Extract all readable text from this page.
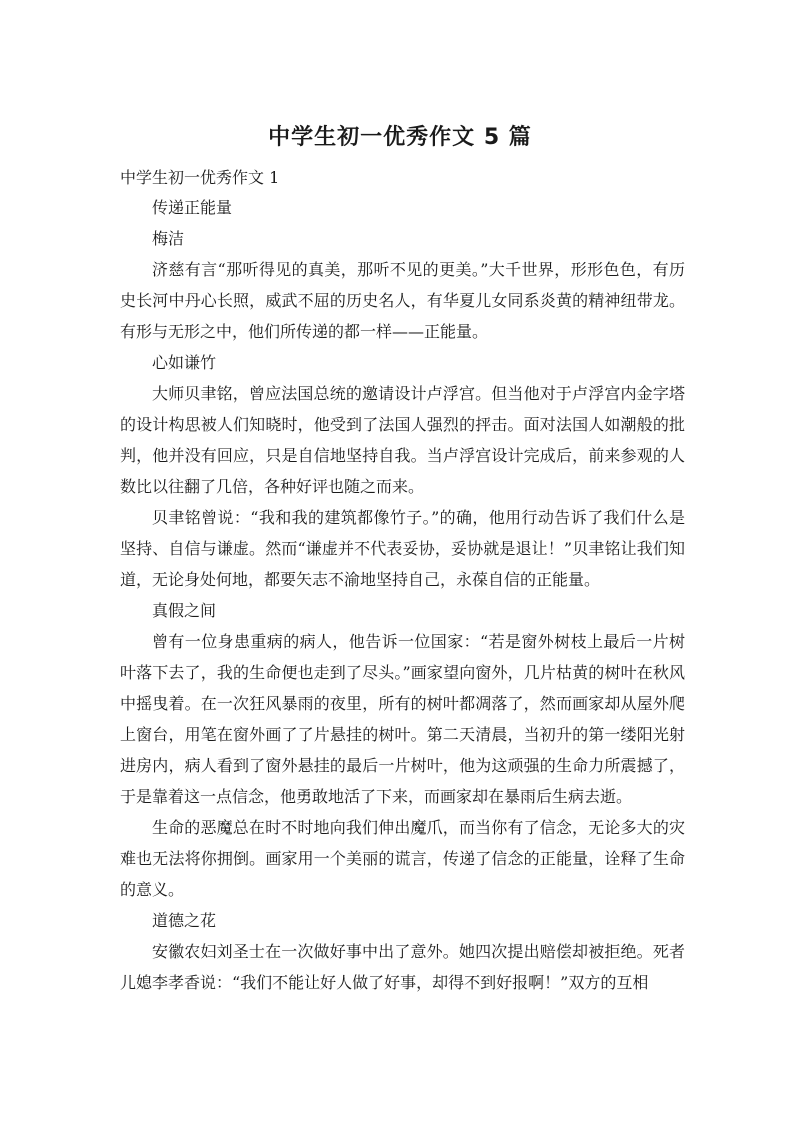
中学生初一优秀作文 5 篇

中学生初一优秀作文 1

传递正能量

梅洁

济慈有言“那听得见的真美，那听不见的更美。”大千世界，形形色色，有历史长河中丹心长照，威武不屈的历史名人，有华夏儿女同系炎黄的精神纽带龙。有形与无形之中，他们所传递的都一样——正能量。

心如谦竹

大师贝聿铭，曾应法国总统的邀请设计卢浮宫。但当他对于卢浮宫内金字塔的设计构思被人们知晓时，他受到了法国人强烈的抨击。面对法国人如潮般的批判，他并没有回应，只是自信地坚持自我。当卢浮宫设计完成后，前来参观的人数比以往翻了几倍，各种好评也随之而来。

贝聿铭曾说：“我和我的建筑都像竹子。”的确，他用行动告诉了我们什么是坚持、自信与谦虚。然而“谦虚并不代表妥协，妥协就是退让！”贝聿铭让我们知道，无论身处何地，都要矢志不渝地坚持自己，永葆自信的正能量。

真假之间

曾有一位身患重病的病人，他告诉一位国家：“若是窗外树枝上最后一片树叶落下去了，我的生命便也走到了尽头。”画家望向窗外，几片枯黄的树叶在秋风中摇曳着。在一次狂风暴雨的夜里，所有的树叶都凋落了，然而画家却从屋外爬上窗台，用笔在窗外画了了片悬挂的树叶。第二天清晨，当初升的第一缕阳光射进房内，病人看到了窗外悬挂的最后一片树叶，他为这顽强的生命力所震撼了，于是靠着这一点信念，他勇敢地活了下来，而画家却在暴雨后生病去逝。

生命的恶魔总在时不时地向我们伸出魔爪，而当你有了信念，无论多大的灾难也无法将你拥倒。画家用一个美丽的谎言，传递了信念的正能量，诠释了生命的意义。

道德之花

安徽农妇刘圣士在一次做好事中出了意外。她四次提出赔偿却被拒绝。死者儿媳李孝香说：“我们不能让好人做了好事，却得不到好报啊！”双方的互相
